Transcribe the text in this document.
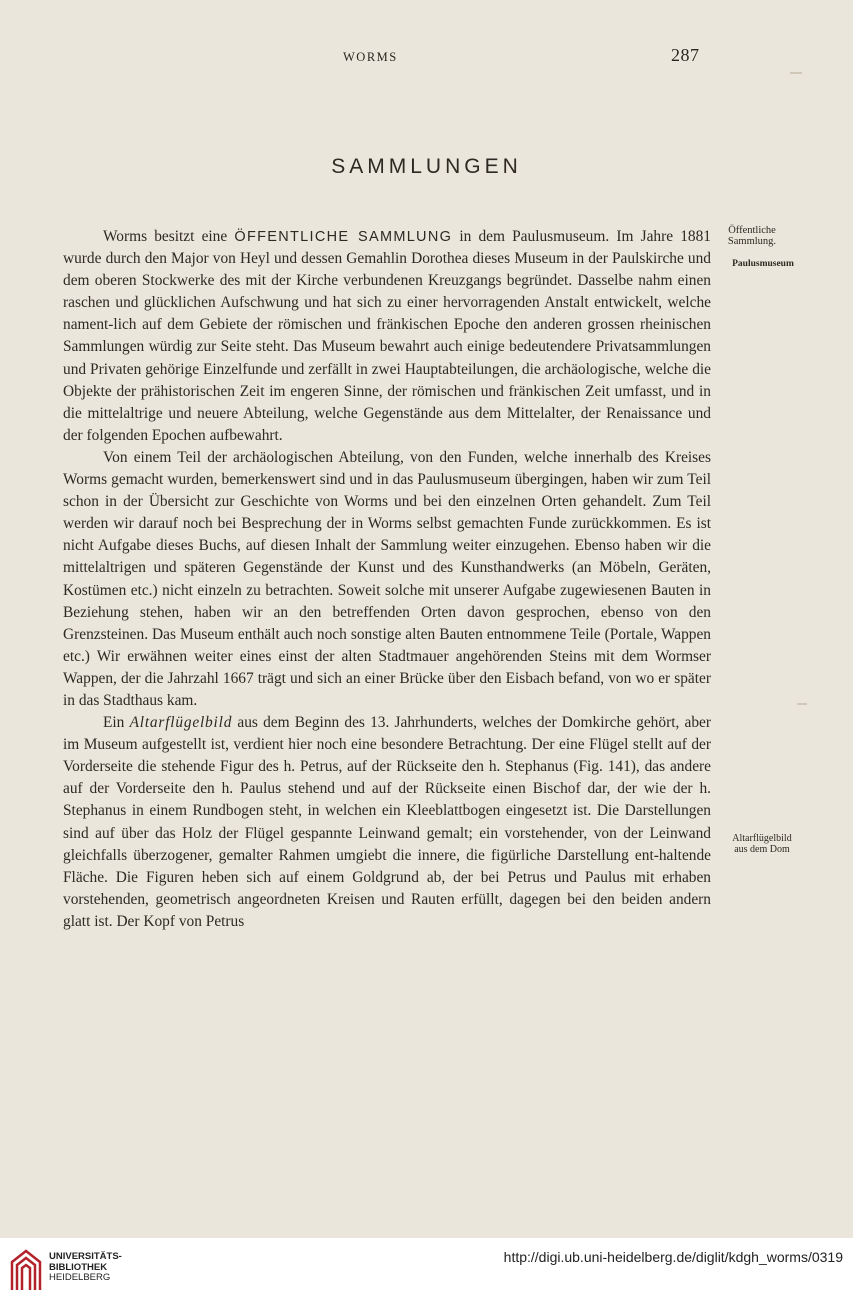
WORMS	287
SAMMLUNGEN

Worms besitzt eine ÖFFENTLICHE SAMMLUNG in dem Paulusmuseum. Im Jahre 1881 wurde durch den Major von Heyl und dessen Gemahlin Dorothea dieses Museum in der Paulskirche und dem oberen Stockwerke des mit der Kirche verbundenen Kreuzgangs begründet. Dasselbe nahm einen raschen und glücklichen Aufschwung und hat sich zu einer hervorragenden Anstalt entwickelt, welche nament-lich auf dem Gebiete der römischen und fränkischen Epoche den anderen grossen rheinischen Sammlungen würdig zur Seite steht. Das Museum bewahrt auch einige bedeutendere Privatsammlungen und Privaten gehörige Einzelfunde und zerfällt in zwei Hauptabteilungen, die archäologische, welche die Objekte der prähistorischen Zeit im engeren Sinne, der römischen und fränkischen Zeit umfasst, und in die mittelaltrige und neuere Abteilung, welche Gegenstände aus dem Mittelalter, der Renaissance und der folgenden Epochen aufbewahrt.

Von einem Teil der archäologischen Abteilung, von den Funden, welche innerhalb des Kreises Worms gemacht wurden, bemerkenswert sind und in das Paulusmuseum übergingen, haben wir zum Teil schon in der Übersicht zur Geschichte von Worms und bei den einzelnen Orten gehandelt. Zum Teil werden wir darauf noch bei Besprechung der in Worms selbst gemachten Funde zurückkommen. Es ist nicht Aufgabe dieses Buchs, auf diesen Inhalt der Sammlung weiter einzugehen. Ebenso haben wir die mittelaltrigen und späteren Gegenstände der Kunst und des Kunsthandwerks (an Möbeln, Geräten, Kostümen etc.) nicht einzeln zu betrachten. Soweit solche mit unserer Aufgabe zugewiesenen Bauten in Beziehung stehen, haben wir an den betreffenden Orten davon gesprochen, ebenso von den Grenzsteinen. Das Museum enthält auch noch sonstige alten Bauten entnommene Teile (Portale, Wappen etc.) Wir erwähnen weiter eines einst der alten Stadtmauer angehörenden Steins mit dem Wormser Wappen, der die Jahrzahl 1667 trägt und sich an einer Brücke über den Eisbach befand, von wo er später in das Stadthaus kam.

Ein Altarflügelbild aus dem Beginn des 13. Jahrhunderts, welches der Domkirche gehört, aber im Museum aufgestellt ist, verdient hier noch eine besondere Betrachtung. Der eine Flügel stellt auf der Vorderseite die stehende Figur des h. Petrus, auf der Rückseite den h. Stephanus (Fig. 141), das andere auf der Vorderseite den h. Paulus stehend und auf der Rückseite einen Bischof dar, der wie der h. Stephanus in einem Rundbogen steht, in welchen ein Kleeblattbogen eingesetzt ist. Die Darstellungen sind auf über das Holz der Flügel gespannte Leinwand gemalt; ein vorstehender, von der Leinwand gleichfalls überzogener, gemalter Rahmen umgiebt die innere, die figürliche Darstellung ent-haltende Fläche. Die Figuren heben sich auf einem Goldgrund ab, der bei Petrus und Paulus mit erhaben vorstehenden, geometrisch angeordneten Kreisen und Rauten erfüllt, dagegen bei den beiden andern glatt ist. Der Kopf von Petrus

Öffentliche
Sammlung.
Paulusmuseum
Altarflügelbild
aus dem Dom
UNIVERSITÄTS-
BIBLIOTHEK
HEIDELBERG
http://digi.ub.uni-heidelberg.de/diglit/kdgh_worms/0319
